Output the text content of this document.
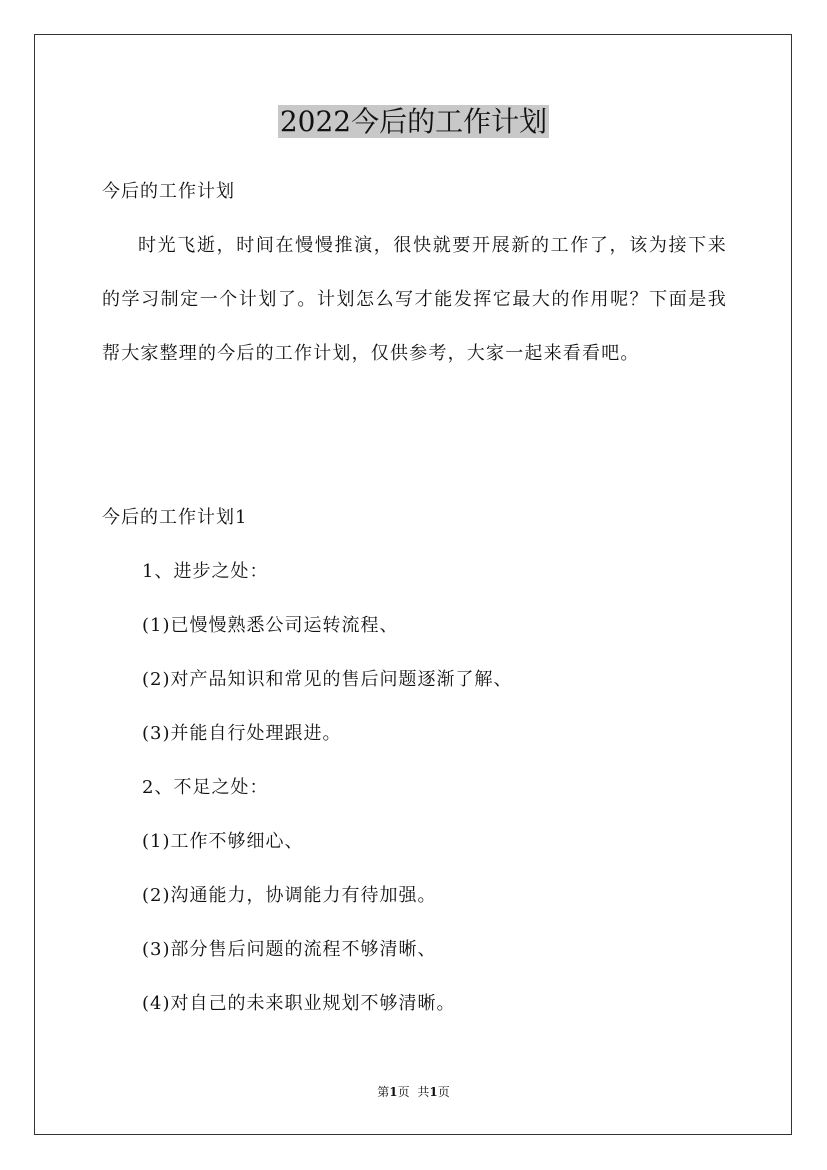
2022今后的工作计划

今后的工作计划

时光飞逝，时间在慢慢推演，很快就要开展新的工作了，该为接下来的学习制定一个计划了。计划怎么写才能发挥它最大的作用呢？下面是我帮大家整理的今后的工作计划，仅供参考，大家一起来看看吧。

今后的工作计划1

1、进步之处：

(1)已慢慢熟悉公司运转流程、

(2)对产品知识和常见的售后问题逐渐了解、

(3)并能自行处理跟进。

2、不足之处：

(1)工作不够细心、

(2)沟通能力，协调能力有待加强。

(3)部分售后问题的流程不够清晰、

(4)对自己的未来职业规划不够清晰。

第1页 共1页
